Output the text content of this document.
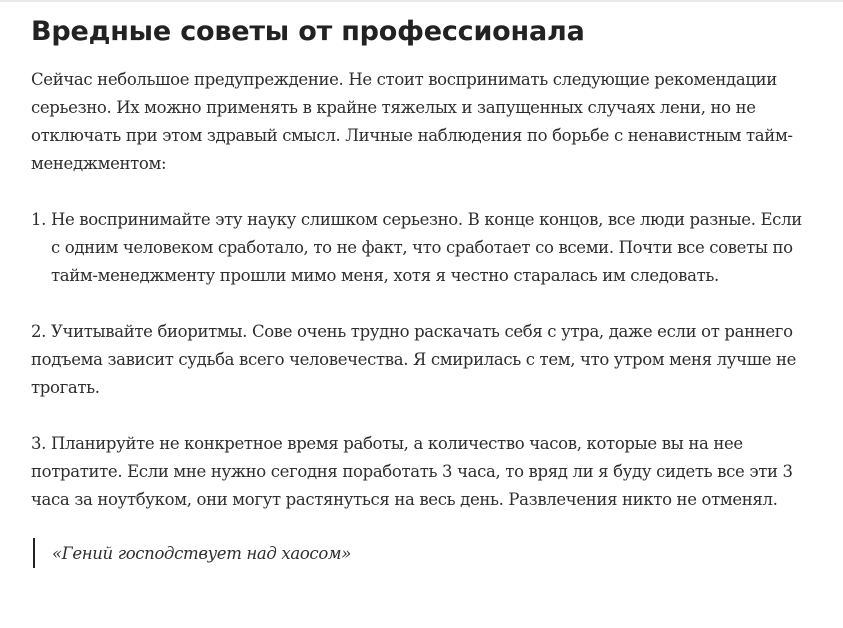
Вредные советы от профессионала

Сейчас небольшое предупреждение. Не стоит воспринимать следующие рекомендации серьезно. Их можно применять в крайне тяжелых и запущенных случаях лени, но не отключать при этом здравый смысл. Личные наблюдения по борьбе с ненавистным тайм-менеджментом:

1. Не воспринимайте эту науку слишком серьезно. В конце концов, все люди разные. Если с одним человеком сработало, то не факт, что сработает со всеми. Почти все советы по тайм-менеджменту прошли мимо меня, хотя я честно старалась им следовать.

2. Учитывайте биоритмы. Сове очень трудно раскачать себя с утра, даже если от раннего подъема зависит судьба всего человечества. Я смирилась с тем, что утром меня лучше не трогать.

3. Планируйте не конкретное время работы, а количество часов, которые вы на нее потратите. Если мне нужно сегодня поработать 3 часа, то вряд ли я буду сидеть все эти 3 часа за ноутбуком, они могут растянуться на весь день. Развлечения никто не отменял.

«Гений господствует над хаосом»
